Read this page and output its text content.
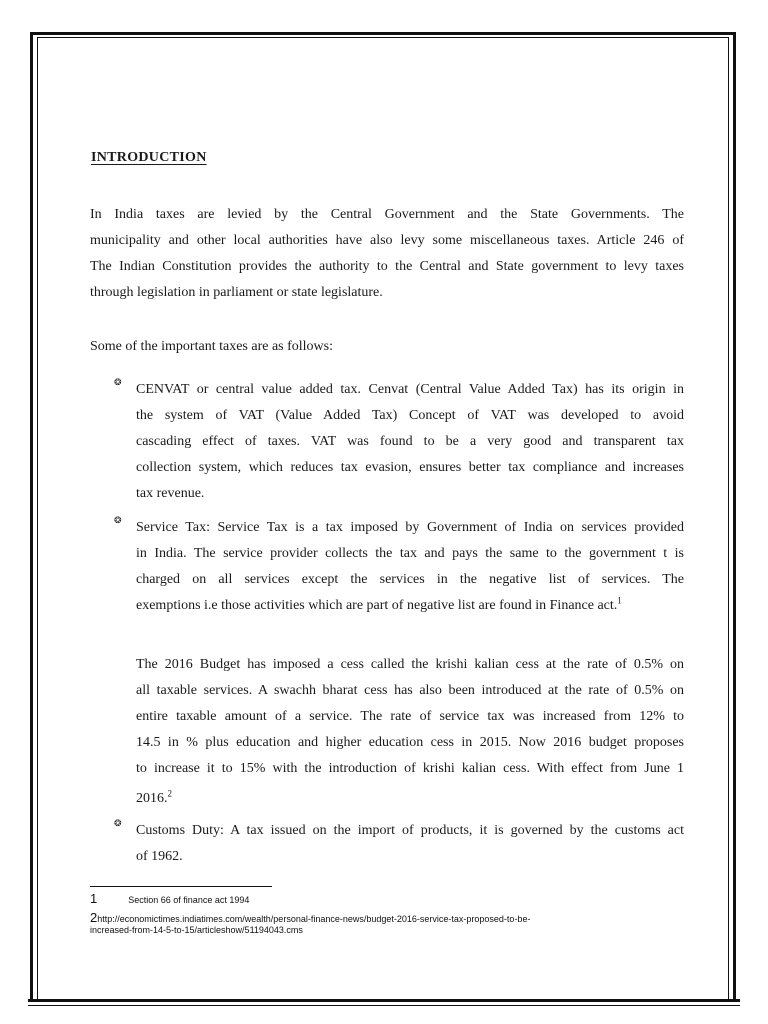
INTRODUCTION
In India taxes are levied by the Central Government and the State Governments. The
municipality and other local authorities have also levy some miscellaneous taxes. Article 246 of
The Indian Constitution provides the authority to the Central and State government to levy taxes
through legislation in parliament or state legislature.
Some of the important taxes are as follows:
❂ CENVAT or central value added tax. Cenvat (Central Value Added Tax) has its origin in
the system of VAT (Value Added Tax) Concept of VAT was developed to avoid
cascading effect of taxes. VAT was found to be a very good and transparent tax
collection system, which reduces tax evasion, ensures better tax compliance and increases
tax revenue.
❂ Service Tax: Service Tax is a tax imposed by Government of India on services provided
in India. The service provider collects the tax and pays the same to the government t is
charged on all services except the services in the negative list of services. The
exemptions i.e those activities which are part of negative list are found in Finance act.$^1$
The 2016 Budget has imposed a cess called the krishi kalian cess at the rate of 0.5% on
all taxable services. A swachh bharat cess has also been introduced at the rate of 0.5% on
entire taxable amount of a service. The rate of service tax was increased from 12% to
14.5 in % plus education and higher education cess in 2015. Now 2016 budget proposes
to increase it to 15% with the introduction of krishi kalian cess. With effect from June 1
2016.$^2$
❂ Customs Duty: A tax issued on the import of products, it is governed by the customs act
of 1962.
1	Section 66 of finance act 1994
2http://economictimes.indiatimes.com/wealth/personal-finance-news/budget-2016-service-tax-proposed-to-be-
increased-from-14-5-to-15/articleshow/51194043.cms
